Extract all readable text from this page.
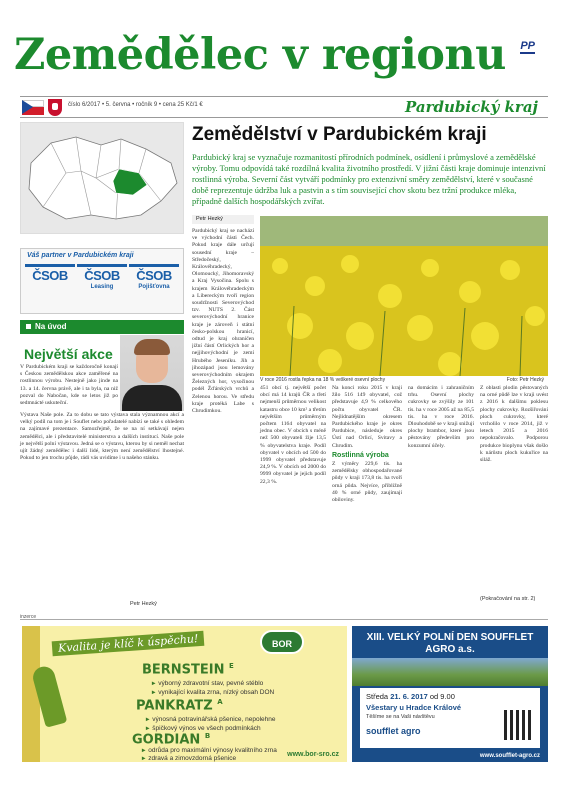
Zemědělec v regionu	PP
číslo 6/2017 • 5. června • ročník 9 • cena 25 Kč/1 €	Pardubický kraj
Zemědělství v Pardubickém kraji
Pardubický kraj se vyznačuje rozmanitostí přírodních podmínek, osídlení i průmyslové a zemědělské výroby. Tomu odpovídá také rozdílná kvalita životního prostředí. V jižní části kraje dominuje intenzivní rostlinná výroba. Severní část vytváří podmínky pro extenzivní směry zemědělství, které v současné době reprezentuje údržba luk a pastvin a s tím související chov skotu bez tržní produkce mléka, případně dalších hospodářských zvířat.
Váš partner v Pardubickém kraji
ČSOB	ČSOB
Leasing
ČSOB
Pojišťovna
Na úvod
Největší akce
V Pardubickém kraji se každoročně konají s Českou zemědělskou akce zaměřené na rostlinnou výrobu. Nestejně jako jinde na 13. a 14. června právě, ale i ta byla, na niž pozval do Nabočan, kde se letos již po sedmnácté uskuteční.
Výstava Naše pole. Za to dobu se tato výstava stala významnou akcí a velký podíl na tom je i Souflet nebo pořadatelé nabízí se také s ohledem na zajímavé prezentace. Samozřejmě, že se na ní setkávají nejen zemědělci, ale i představitelé ministerstva a dalších institucí. Naše pole je největší polní výstavou. Jedná se o výstavu, kterou by si neměl nechat ujít žádný zemědělec i další lidé, kterým není zemědělství lhostejné. Pokud to jen trochu půjde, rádi vás uvidíme i u našeho stánku.
Petr Hezký
Petr Hezký
Pardubický kraj se nachází ve východní části Čech. Pokud kraje dále určují sousední kraje – Středočeský, Královéhradecký, Olomoucký, Jihomoravský a Kraj Vysočina. Spolu s krajem Královéhradeckým a Libereckým tvoří region soudržnosti Severovýchod tzv. NUTS 2. Část severovýchodní hranice kraje je zároveň i státní česko-polskou hranicí, odtud je kraj ohraničen jižní částí Orlických hor a nejjihovýchodní je zemí Hrubého Jeseníku. Jih a jihozápad jsou lemovány severovýchodním okrajem Železných hor, vysočinou podél Žďárských vrchů a Zelenou horou. Ve středu kraje protéká Labe s Chrudimkou.
V roce 2016 rostla řepka na 18 % veškeré osevní plochy	Foto: Petr Hezký
451 obcí tj. největší počet obcí má 14 krajů ČR a třetí nejmenší průměrnou velikost katastru obce 10 km² a třetím největším průměrným počtem 1164 obyvatel na jednu obec. V obcích s méně než 500 obyvateli žije 13,5 % obyvatelstva kraje. Podíl obyvatel v obcích od 500 do 1999 obyvatel představuje 24,9 %. V obcích od 2000 do 9999 obyvatel je jejich podíl 22,3 %.
Na konci roku 2015 v kraji žilo 516 149 obyvatel, což představuje 4,9 % celkového počtu obyvatel ČR. Nejlidnatějším okresem Pardubického kraje je okres Pardubice, následuje okres Ústí nad Orlicí, Svitavy a Chrudim.
Rostlinná výroba
Z výměry 229,6 tis. ha zemědělsky obhospodařované půdy v kraji 173,8 tis. ha tvoří orná půda. Nejvíce, přibližně 40 % orné půdy, zaujímají obiloviny.
na domácím i zahraničním trhu. Osevní plochy cukrovky se zvýšily ze 101 tis. ha v roce 2005 až na 85,5 tis. ha v roce 2016. Dlouhodobě se v kraji snižují plochy brambor, které jsou pěstovány především pro konzumní účely.
Z oblasti plodin pěstovaných na orné půdě lze v kraji uvést z 2016 k dalšímu poklesu plochy cukrovky. Rozšiřování ploch cukrovky, které vrcholilo v roce 2014, již v letech 2015 a 2016 nepokračovalo. Podporou produkce bioplynu však došlo k nárůstu ploch kukuřice na siláž.
(Pokračování na str. 2)
inzerce
Kvalita je klíč k úspěchu!	BOR
BERNSTEIN $^E$
▸ výborný zdravotní stav, pevné stéblo
▸ vynikající kvalita zrna, nízký obsah DON
PANKRATZ $^A$
▸ výnosná potravinářská pšenice, nepolehne
▸ špičkový výnos ve všech podmínkách
GORDIAN $^B$
▸ odrůda pro maximální výnosy kvalitního zrna
▸ zdravá a zimovzdorná pšenice
www.bor-sro.cz
XIII. VELKÝ POLNÍ DEN SOUFFLET AGRO a.s.
Středa 21. 6. 2017 od 9.00
Všestary u Hradce Králové
Těšíme se na Vaši návštěvu
soufflet agro
www.soufflet-agro.cz
